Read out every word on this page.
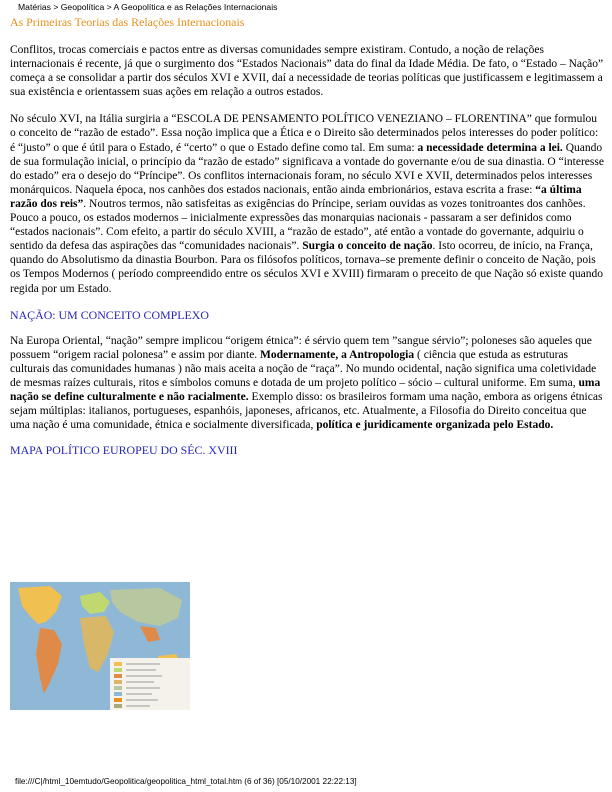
Matérias > Geopolítica > A Geopolítica e as Relações Internacionais
As Primeiras Teorias das Relações Internacionais

Conflitos, trocas comerciais e pactos entre as diversas comunidades sempre existiram. Contudo, a noção de relações internacionais é recente, já que o surgimento dos “Estados Nacionais” data do final da Idade Média. De fato, o “Estado – Nação” começa a se consolidar a partir dos séculos XVI e XVII, daí a necessidade de teorias políticas que justificassem e legitimassem a sua existência e orientassem suas ações em relação a outros estados.

No século XVI, na Itália surgiria a “ESCOLA DE PENSAMENTO POLÍTICO VENEZIANO – FLORENTINA” que formulou o conceito de “razão de estado”. Essa noção implica que a Ética e o Direito são determinados pelos interesses do poder político: é “justo” o que é útil para o Estado, é “certo” o que o Estado define como tal. Em suma: a necessidade determina a lei. Quando de sua formulação inicial, o princípio da “razão de estado” significava a vontade do governante e/ou de sua dinastia. O “interesse do estado” era o desejo do “Príncipe”. Os conflitos internacionais foram, no século XVI e XVII, determinados pelos interesses monárquicos. Naquela época, nos canhões dos estados nacionais, então ainda embrionários, estava escrita a frase: “a última razão dos reis”. Noutros termos, não satisfeitas as exigências do Príncipe, seriam ouvidas as vozes tonitroantes dos canhões. Pouco a pouco, os estados modernos – inicialmente expressões das monarquias nacionais - passaram a ser definidos como “estados nacionais”. Com efeito, a partir do século XVIII, a “razão de estado”, até então a vontade do governante, adquiriu o sentido da defesa das aspirações das “comunidades nacionais”. Surgia o conceito de nação. Isto ocorreu, de início, na França, quando do Absolutismo da dinastia Bourbon. Para os filósofos políticos, tornava–se premente definir o conceito de Nação, pois os Tempos Modernos ( período compreendido entre os séculos XVI e XVIII) firmaram o preceito de que Nação só existe quando regida por um Estado.

NAÇÃO: UM CONCEITO COMPLEXO

Na Europa Oriental, “nação” sempre implicou “origem étnica”: é sérvio quem tem ”sangue sérvio”; poloneses são aqueles que possuem “origem racial polonesa” e assim por diante. Modernamente, a Antropologia ( ciência que estuda as estruturas culturais das comunidades humanas ) não mais aceita a noção de “raça”. No mundo ocidental, nação significa uma coletividade de mesmas raízes culturais, ritos e símbolos comuns e dotada de um projeto político – sócio – cultural uniforme. Em suma, uma nação se define culturalmente e não racialmente. Exemplo disso: os brasileiros formam uma nação, embora as origens étnicas sejam múltiplas: italianos, portugueses, espanhóis, japoneses, africanos, etc. Atualmente, a Filosofia do Direito conceitua que uma nação é uma comunidade, étnica e socialmente diversificada, política e juridicamente organizada pelo Estado.

MAPA POLÍTICO EUROPEU DO SÉC. XVIII
file:///C|/html_10emtudo/Geopolitica/geopolitica_html_total.htm (6 of 36) [05/10/2001 22:22:13]
